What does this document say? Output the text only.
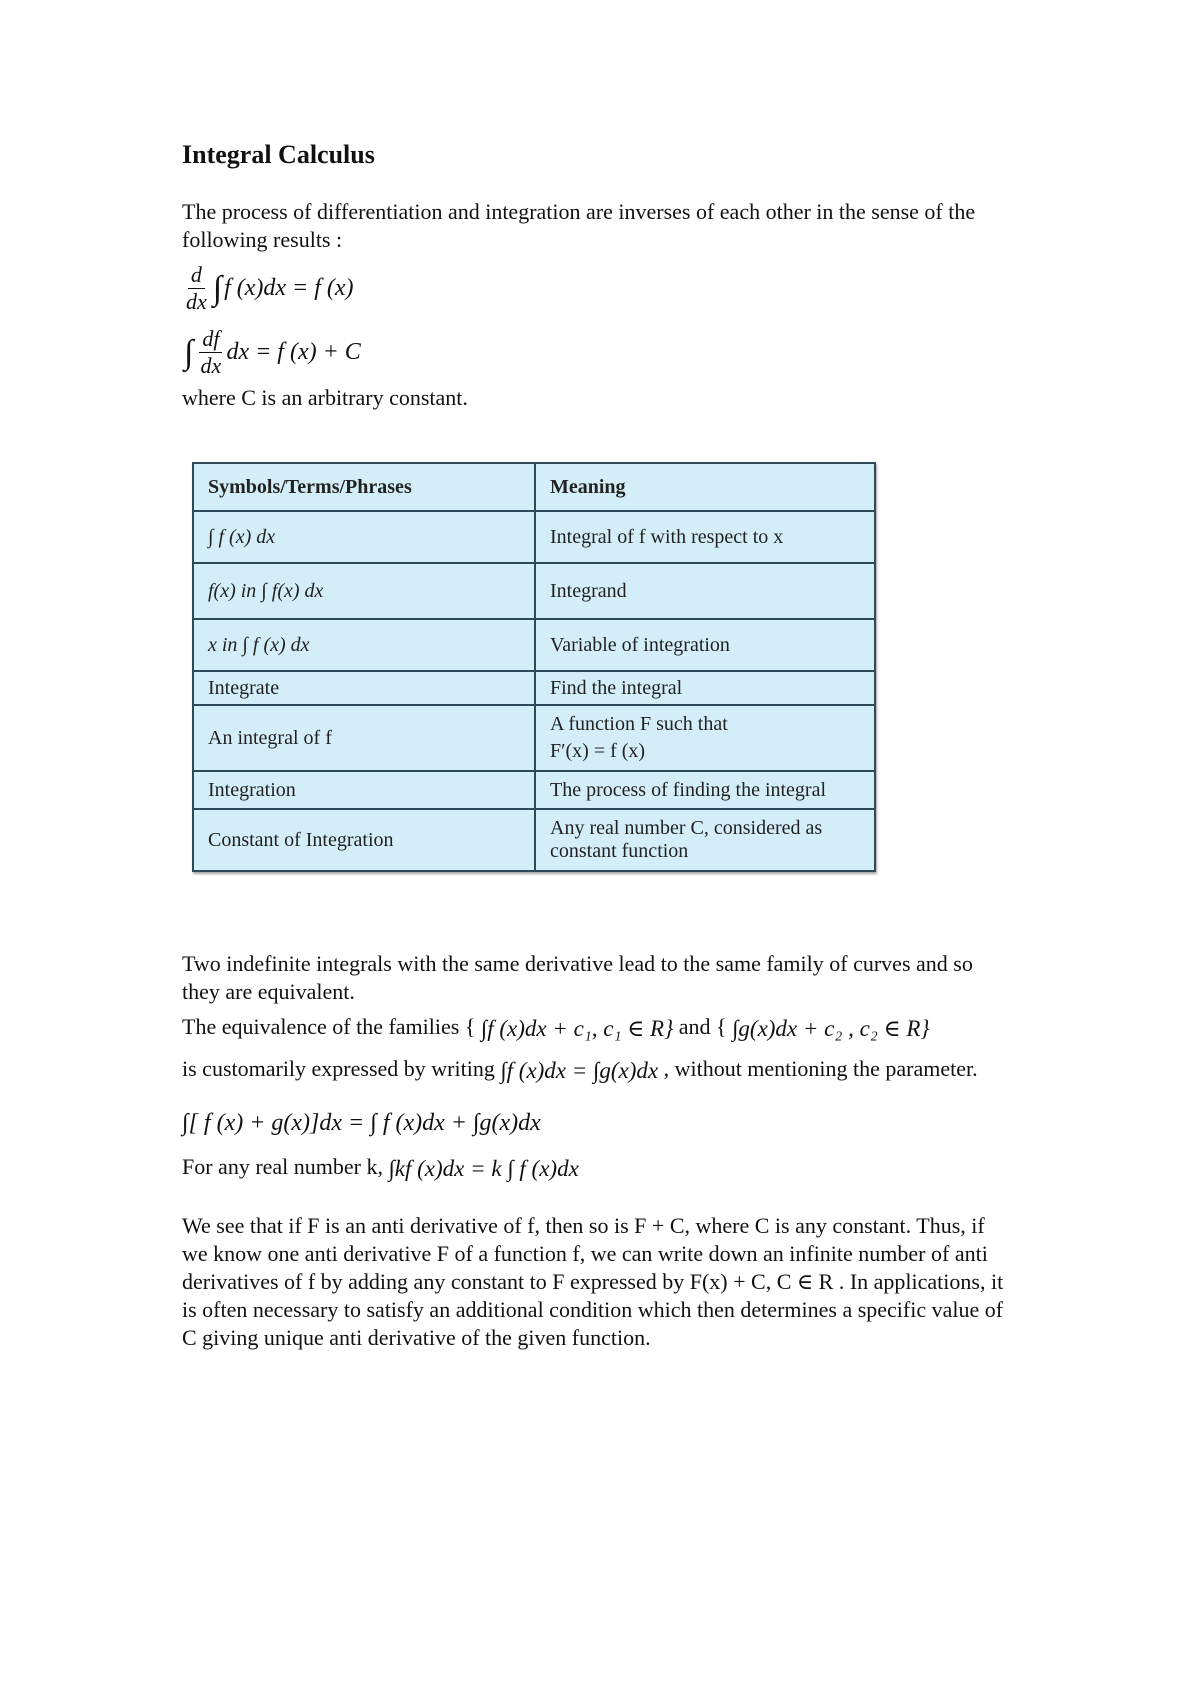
Integral Calculus

The process of differentiation and integration are inverses of each other in the sense of the following results :

$\frac{d}{dx}$ ∫ f (x)dx = f (x)
∫ $\frac{df}{dx}$ dx = f (x) + C

where C is an arbitrary constant.

Symbols/Terms/Phrases	Meaning
∫ f (x) dx	Integral of f with respect to x
f(x) in ∫ f(x) dx	Integrand
x in ∫ f (x) dx	Variable of integration
Integrate	Find the integral
An integral of f	A function F such that
F′(x) = f (x)

Integration	The process of finding the integral
Constant of Integration	Any real number C, considered as
constant function

Two indefinite integrals with the same derivative lead to the same family of curves and so they are equivalent.

The equivalence of the families { ∫f (x)dx + c₁, c₁ ∈ R} and { ∫g(x)dx + c₂ , c₂ ∈ R}

is customarily expressed by writing ∫f (x)dx = ∫g(x)dx , without mentioning the parameter.

∫[ f (x) + g(x)]dx = ∫ f (x)dx + ∫g(x)dx

For any real number k, ∫kf (x)dx = k ∫ f (x)dx

We see that if F is an anti derivative of f, then so is F + C, where C is any constant. Thus, if we know one anti derivative F of a function f, we can write down an infinite number of anti derivatives of f by adding any constant to F expressed by F(x) + C, C ∈ R . In applications, it is often necessary to satisfy an additional condition which then determines a specific value of C giving unique anti derivative of the given function.
